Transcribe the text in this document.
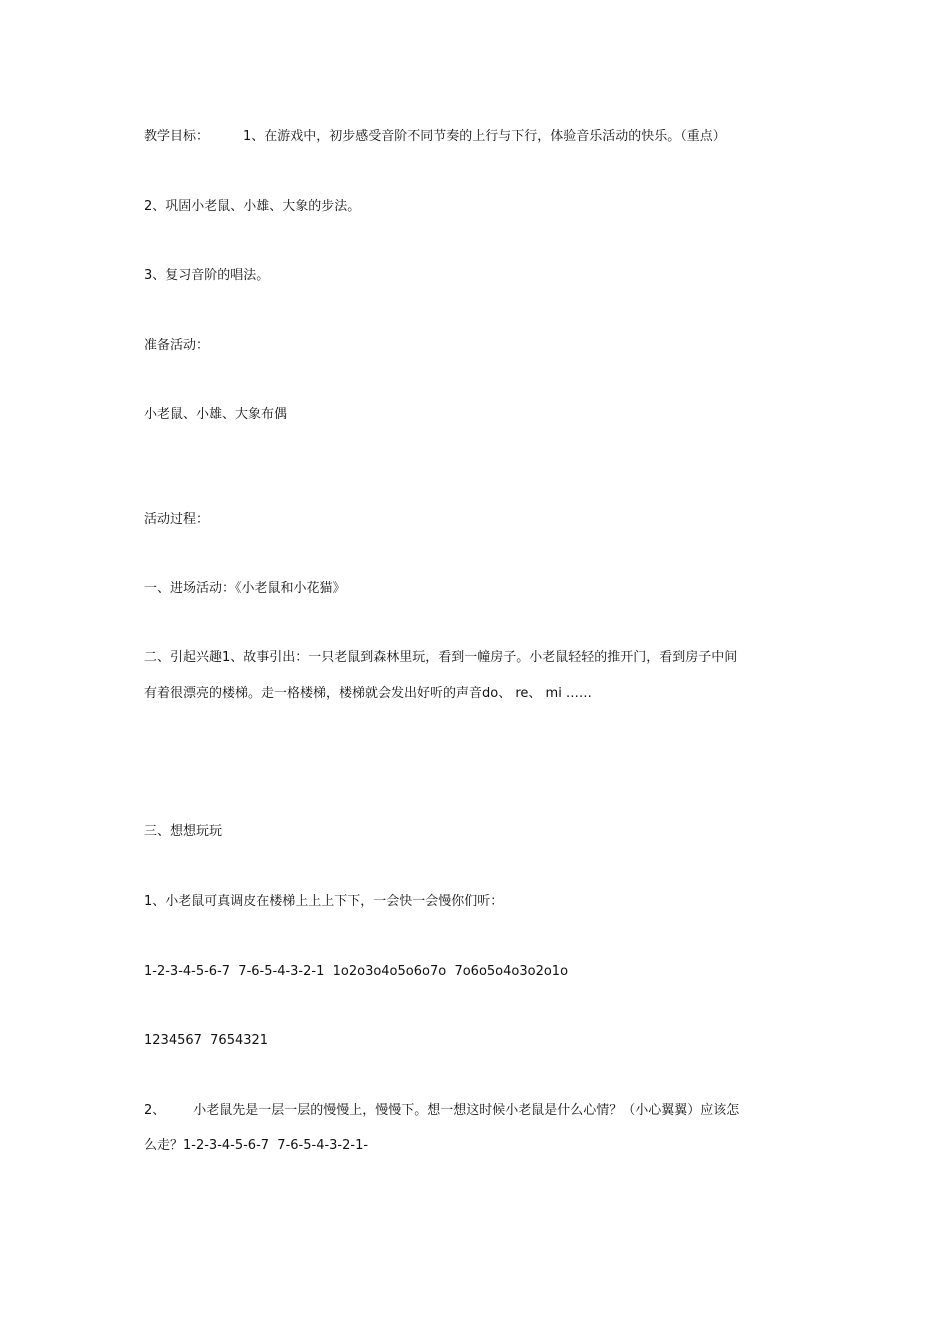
教学目标：	1、在游戏中，初步感受音阶不同节奏的上行与下行，体验音乐活动的快乐。（重点）
2、巩固小老鼠、小雄、大象的步法。
3、复习音阶的唱法。
准备活动：
小老鼠、小雄、大象布偶
活动过程：
一、进场活动：《小老鼠和小花猫》
二、引起兴趣1、故事引出：一只老鼠到森林里玩，看到一幢房子。小老鼠轻轻的推开门，看到房子中间
有着很漂亮的楼梯。走一格楼梯，楼梯就会发出好听的声音do、 re、 mi ……
三、想想玩玩
1、小老鼠可真调皮在楼梯上上上下下，一会快一会慢你们听：
1-2-3-4-5-6-7  7-6-5-4-3-2-1  1o2o3o4o5o6o7o  7o6o5o4o3o2o1o
1234567  7654321
2、 小老鼠先是一层一层的慢慢上，慢慢下。想一想这时候小老鼠是什么心情？（小心翼翼）应该怎
么走？1-2-3-4-5-6-7  7-6-5-4-3-2-1-
